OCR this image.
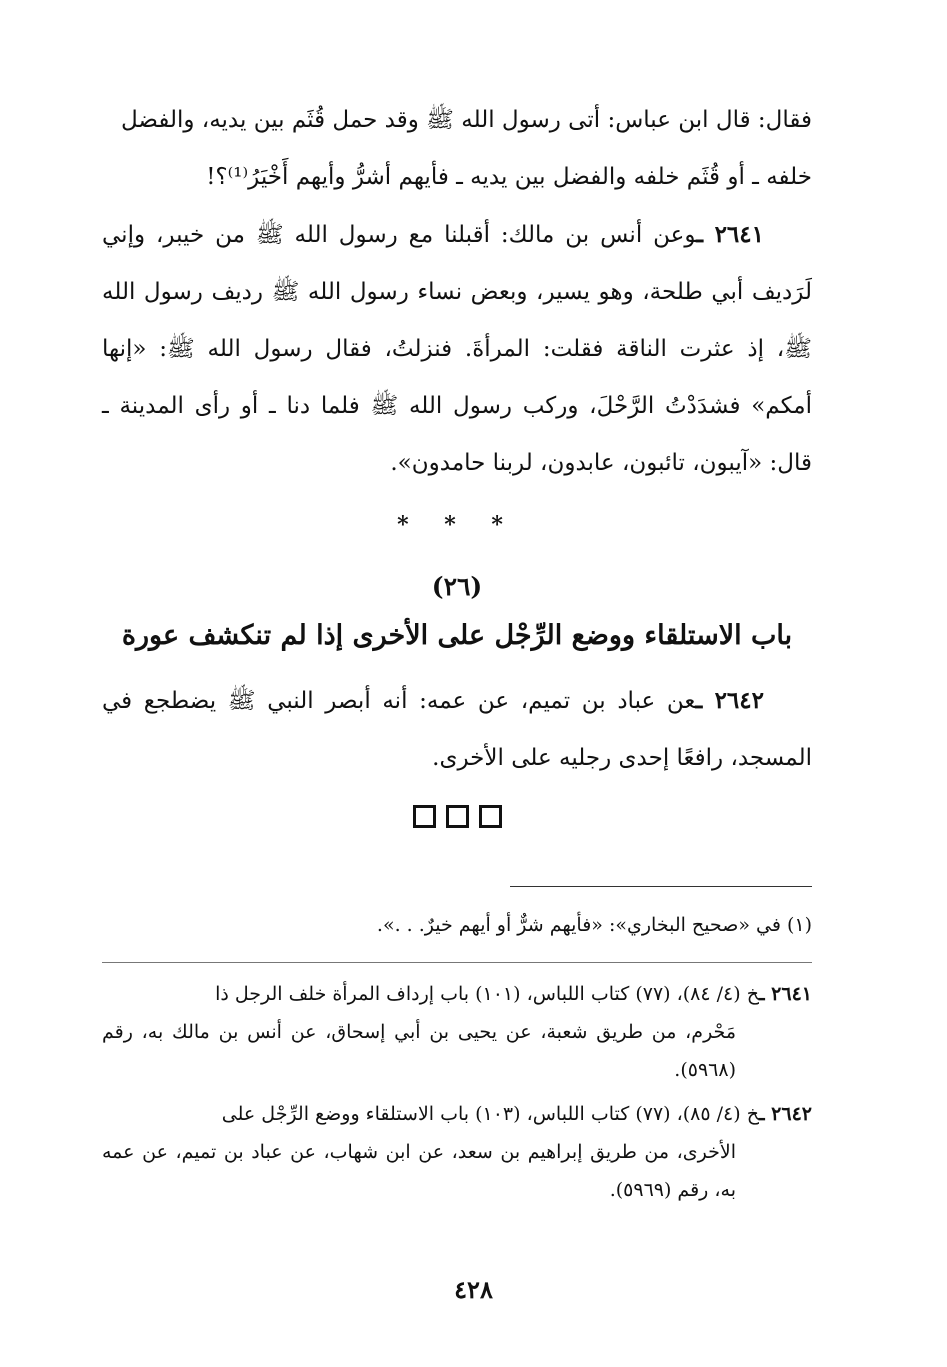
فقال: قال ابن عباس: أتى رسول الله ﷺ وقد حمل قُثَم بين يديه، والفضل
خلفه ـ أو قُثَم خلفه والفضل بين يديه ـ فأيهم أشرُّ وأيهم أَخْيَرُ⁽¹⁾؟!

٢٦٤١ ـوعن أنس بن مالك: أقبلنا مع رسول الله ﷺ من خيبر، وإني لَرَديف أبي طلحة، وهو يسير، وبعض نساء رسول الله ﷺ رديف رسول الله ﷺ، إذ عثرت الناقة فقلت: المرأةَ. فنزلتُ، فقال رسول الله ﷺ: «إنها أمكم» فشدَدْتُ الرَّحْلَ، وركب رسول الله ﷺ فلما دنا ـ أو رأى المدينة ـ قال: «آيبون، تائبون، عابدون، لربنا حامدون».

* * *
(٢٦)
باب الاستلقاء ووضع الرِّجْل على الأخرى إذا لم تنكشف عورة

٢٦٤٢ ـعن عباد بن تميم، عن عمه: أنه أبصر النبي ﷺ يضطجع في المسجد، رافعًا إحدى رجليه على الأخرى.

(١) في «صحيح البخاري»: «فأيهم شرٌّ أو أيهم خيرٌ. . .».

٢٦٤١ ـخ (٤/ ٨٤)، (٧٧) كتاب اللباس، (١٠١) باب إرداف المرأة خلف الرجل ذا
مَحْرم، من طريق شعبة، عن يحيى بن أبي إسحاق، عن أنس بن مالك به، رقم (٥٩٦٨).

٢٦٤٢ ـخ (٤/ ٨٥)، (٧٧) كتاب اللباس، (١٠٣) باب الاستلقاء ووضع الرِّجْل على
الأخرى، من طريق إبراهيم بن سعد، عن ابن شهاب، عن عباد بن تميم، عن عمه به، رقم (٥٩٦٩).

٤٢٨
